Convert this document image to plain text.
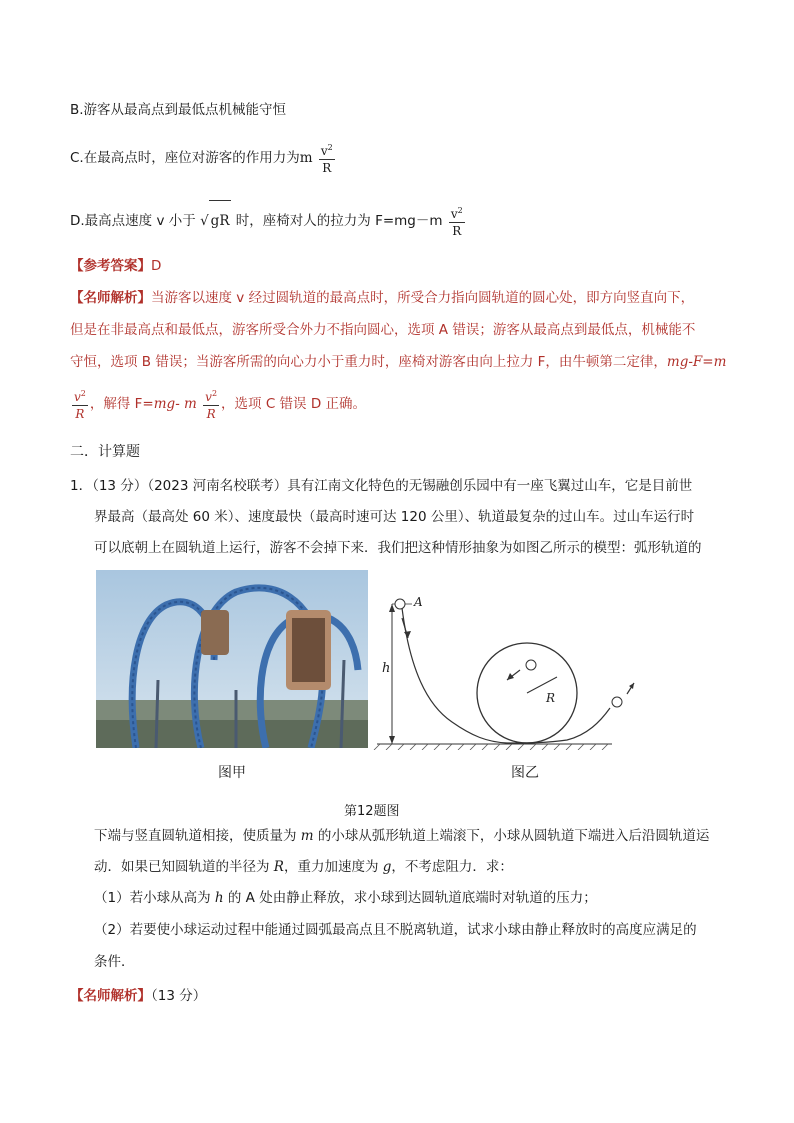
B.游客从最高点到最低点机械能守恒
C.在最高点时，座位对游客的作用力为m $\frac{v^2}{R}$
D.最高点速度 v 小于 √ gR 时，座椅对人的拉力为 $F=mg-m \frac{v^2}{R}$
【参考答案】D
【名师解析】当游客以速度 v 经过圆轨道的最高点时，所受合力指向圆轨道的圆心处，即方向竖直向下，
但是在非最高点和最低点，游客所受合外力不指向圆心，选项 A 错误；游客从最高点到最低点，机械能不
守恒，选项 B 错误；当游客所需的向心力小于重力时，座椅对游客由向上拉力 F，由牛顿第二定律，mg-F=m
$\frac{v^2}{R}$ ，解得 F=mg- m $\frac{v^2}{R}$ ，选项 C 错误 D 正确。
二．计算题
1．（13 分）（2023 河南名校联考）具有江南文化特色的无锡融创乐园中有一座飞翼过山车，它是目前世
界最高（最高处 60 米）、速度最快（最高时速可达 120 公里）、轨道最复杂的过山车。过山车运行时
可以底朝上在圆轨道上运行，游客不会掉下来．我们把这种情形抽象为如图乙所示的模型：弧形轨道的
h
R
A
图甲	图乙
第12题图
下端与竖直圆轨道相接，使质量为 m 的小球从弧形轨道上端滚下，小球从圆轨道下端进入后沿圆轨道运
动．如果已知圆轨道的半径为 R，重力加速度为 g，不考虑阻力．求：
（1）若小球从高为 h 的 A 处由静止释放，求小球到达圆轨道底端时对轨道的压力；
（2）若要使小球运动过程中能通过圆弧最高点且不脱离轨道，试求小球由静止释放时的高度应满足的
条件．
【名师解析】（13 分）
